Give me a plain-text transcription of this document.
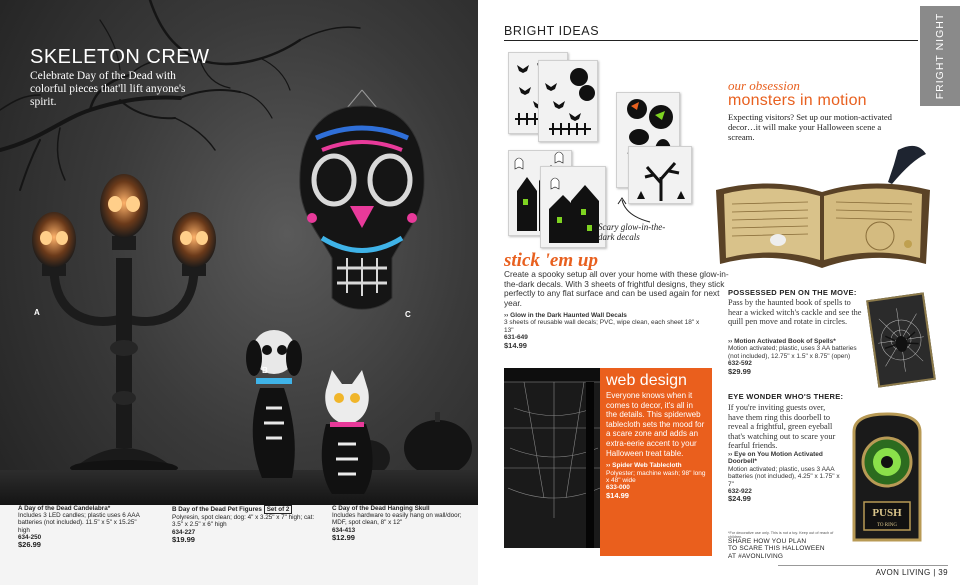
SKELETON CREW
Celebrate Day of the Dead with colorful pieces that'll lift anyone's spirit.
A
B
C
A Day of the Dead Candelabra*
Includes 3 LED candles; plastic uses 6 AAA batteries (not included). 11.5" x 5" x 15.25" high
634-250
$26.99
B Day of the Dead Pet Figures Set of 2
Polyresin, spot clean; dog: 4" x 3.25" x 7" high; cat: 3.5" x 2.5" x 6" high
634-227
$19.99
C Day of the Dead Hanging Skull
Includes hardware to easily hang on wall/door; MDF, spot clean, 8" x 12"
634-413
$12.99
BRIGHT IDEAS	FRIGHT NIGHT
Scary glow-in-the-dark decals
stick 'em up
Create a spooky setup all over your home with these glow-in-the-dark decals. With 3 sheets of frightful designs, they stick perfectly to any flat surface and can be used again for next year.
›› Glow in the Dark Haunted Wall Decals
3 sheets of reusable wall decals; PVC, wipe clean, each sheet 18" x 13"
631-649
$14.99
web design
Everyone knows when it comes to decor, it's all in the details. This spiderweb tablecloth sets the mood for a scare zone and adds an extra-eerie accent to your Halloween treat table.
›› Spider Web Tablecloth
Polyester; machine wash; 98" long x 48" wide
633-000
$14.99
our obsession
monsters in motion
Expecting visitors? Set up our motion-activated decor…it will make your Halloween scene a scream.
POSSESSED PEN ON THE MOVE:
Pass by the haunted book of spells to hear a wicked witch's cackle and see the quill pen move and rotate in circles.
›› Motion Activated Book of Spells*
Motion activated; plastic, uses 3 AA batteries (not included), 12.75" x 1.5" x 8.75" (open)
632-592
$29.99
EYE WONDER WHO'S THERE:
If you're inviting guests over, have them ring this doorbell to reveal a frightful, green eyeball that's watching out to scare your fearful friends.
›› Eye on You Motion Activated Doorbell*
Motion activated; plastic, uses 3 AAA batteries (not included), 4.25" x 1.75" x 7"
632-922
$24.99
PUSH
TO RING
*For decorative use only. This is not a toy. Keep out of reach of children.
SHARE HOW YOU PLAN
TO SCARE THIS HALLOWEEN
AT #AVONLIVING
AVON LIVING | 39
